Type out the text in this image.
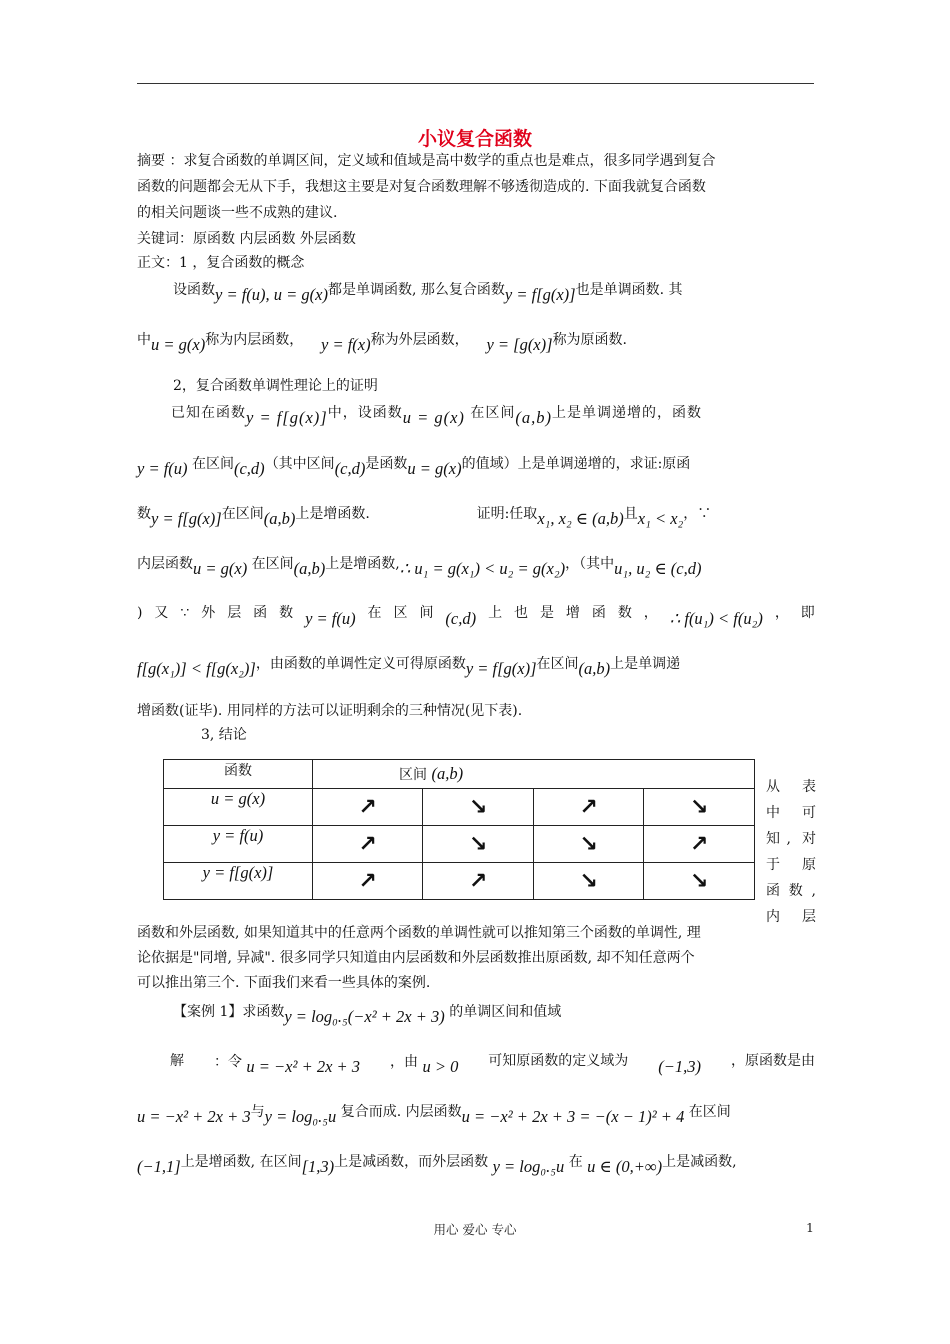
小议复合函数
摘要 ：求复合函数的单调区间，定义域和值域是高中数学的重点也是难点，很多同学遇到复合
函数的问题都会无从下手，我想这主要是对复合函数理解不够透彻造成的. 下面我就复合函数
的相关问题谈一些不成熟的建议.
关键词：原函数 内层函数 外层函数
正文：1 ，复合函数的概念
设函数y = f(u), u = g(x)都是单调函数, 那么复合函数y = f[g(x)]也是单调函数. 其
中u = g(x)称为内层函数， y = f(x)称为外层函数， y = [g(x)]称为原函数.
2，复合函数单调性理论上的证明
已知在函数y = f[g(x)]中，设函数u = g(x) 在区间(a,b)上是单调递增的，函数
y = f(u) 在区间(c,d)（其中区间(c,d)是函数u = g(x)的值域）上是单调递增的，求证:原函
数y = f[g(x)]在区间(a,b)上是增函数.	证明:任取x₁, x₂ ∈ (a,b)且x₁ < x₂，∵
内层函数u = g(x) 在区间(a,b)上是增函数,∴ u₁ = g(x₁) < u₂ = g(x₂)，（其中u₁, u₂ ∈ (c,d)
) 又 ∵ 外 层 函 数 y = f(u) 在 区 间 (c,d) 上 也 是 增 函 数 ， ∴ f(u₁) < f(u₂) ， 即
f[g(x₁)] < f[g(x₂)]，由函数的单调性定义可得原函数y = f[g(x)]在区间(a,b)上是单调递
增函数(证毕). 用同样的方法可以证明剩余的三种情况(见下表).
3, 结论
函数	区间 (a,b)			
u = g(x)	↗	↘	↗	↘
y = f(u)	↗	↘	↘	↗
y = f[g(x)]	↗	↗	↘	↘
从表
中可
知, 对
于原
函数,
内层
函数和外层函数, 如果知道其中的任意两个函数的单调性就可以推知第三个函数的单调性, 理
论依据是"同增, 异减". 很多同学只知道由内层函数和外层函数推出原函数, 却不知任意两个
可以推出第三个. 下面我们来看一些具体的案例.
【案例 1】求函数y = log₀.₅(−x² + 2x + 3) 的单调区间和值域
解 ：令 u = −x² + 2x + 3 ，由 u > 0 可知原函数的定义域为 (−1,3) ，原函数是由
u = −x² + 2x + 3与y = log₀.₅u 复合而成. 内层函数u = −x² + 2x + 3 = −(x − 1)² + 4 在区间
(−1,1]上是增函数, 在区间[1,3)上是减函数，而外层函数 y = log₀.₅u 在 u ∈ (0,+∞)上是减函数,
用心 爱心 专心	1
